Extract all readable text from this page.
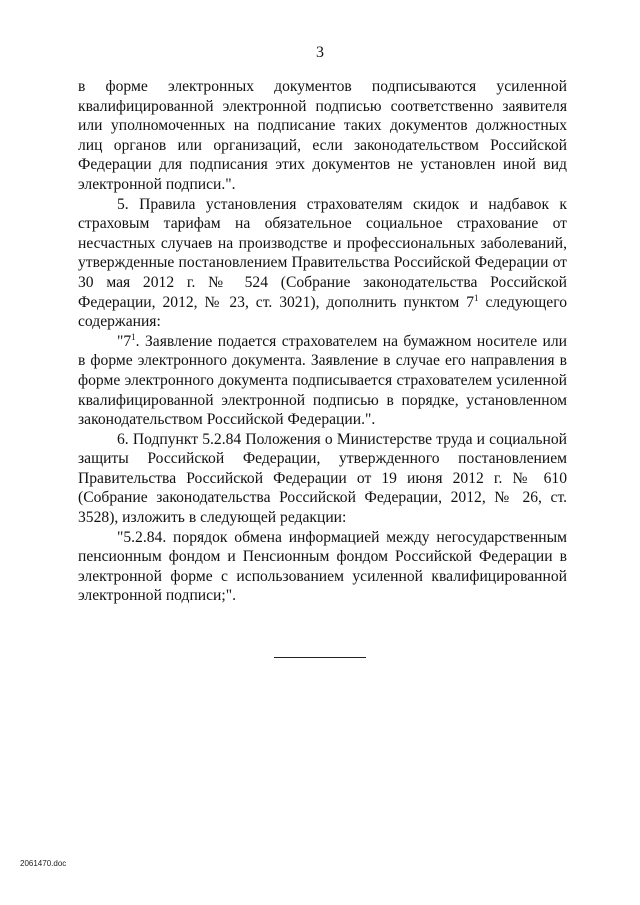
3

в форме электронных документов подписываются усиленной квалифицированной электронной подписью соответственно заявителя или уполномоченных на подписание таких документов должностных лиц органов или организаций, если законодательством Российской Федерации для подписания этих документов не установлен иной вид электронной подписи.".

5. Правила установления страхователям скидок и надбавок к страховым тарифам на обязательное социальное страхование от несчастных случаев на производстве и профессиональных заболеваний, утвержденные постановлением Правительства Российской Федерации от 30 мая 2012 г. № 524 (Собрание законодательства Российской Федерации, 2012, № 23, ст. 3021), дополнить пунктом $7^1$ следующего содержания:

"$7^1$. Заявление подается страхователем на бумажном носителе или в форме электронного документа. Заявление в случае его направления в форме электронного документа подписывается страхователем усиленной квалифицированной электронной подписью в порядке, установленном законодательством Российской Федерации.".

6. Подпункт 5.2.84 Положения о Министерстве труда и социальной защиты Российской Федерации, утвержденного постановлением Правительства Российской Федерации от 19 июня 2012 г. № 610 (Собрание законодательства Российской Федерации, 2012, № 26, ст. 3528), изложить в следующей редакции:

"5.2.84. порядок обмена информацией между негосударственным пенсионным фондом и Пенсионным фондом Российской Федерации в электронной форме с использованием усиленной квалифицированной электронной подписи;".

2061470.doc
